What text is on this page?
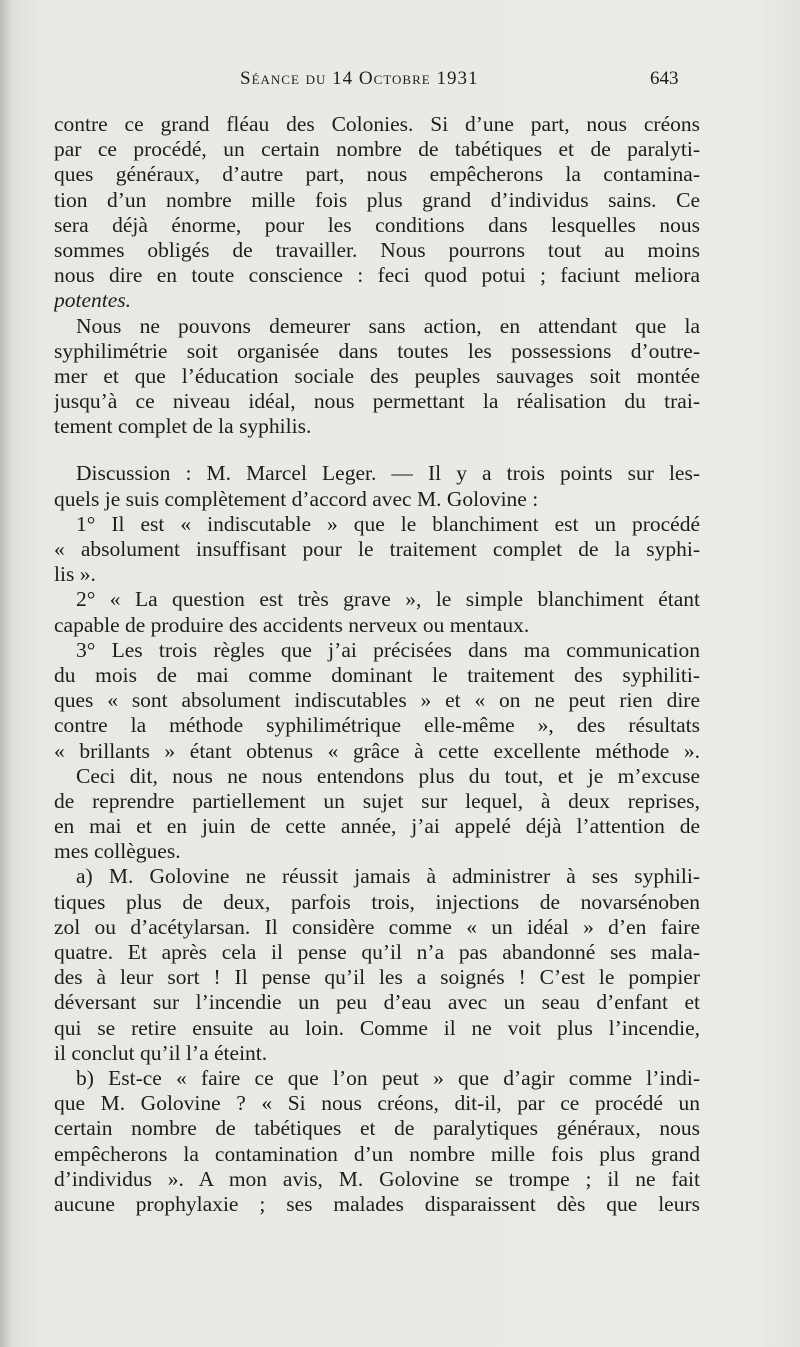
Séance du 14 Octobre 1931	643
contre ce grand fléau des Colonies. Si d’une part, nous créons
par ce procédé, un certain nombre de tabétiques et de paralyti-
ques généraux, d’autre part, nous empêcherons la contamina-
tion d’un nombre mille fois plus grand d’individus sains. Ce
sera déjà énorme, pour les conditions dans lesquelles nous
sommes obligés de travailler. Nous pourrons tout au moins
nous dire en toute conscience : feci quod potui ; faciunt meliora
potentes.
Nous ne pouvons demeurer sans action, en attendant que la
syphilimétrie soit organisée dans toutes les possessions d’outre-
mer et que l’éducation sociale des peuples sauvages soit montée
jusqu’à ce niveau idéal, nous permettant la réalisation du trai-
tement complet de la syphilis.
Discussion : M. Marcel Leger. — Il y a trois points sur les-
quels je suis complètement d’accord avec M. Golovine :
1° Il est « indiscutable » que le blanchiment est un procédé
« absolument insuffisant pour le traitement complet de la syphi-
lis ».
2° « La question est très grave », le simple blanchiment étant
capable de produire des accidents nerveux ou mentaux.
3° Les trois règles que j’ai précisées dans ma communication
du mois de mai comme dominant le traitement des syphiliti-
ques « sont absolument indiscutables » et « on ne peut rien dire
contre la méthode syphilimétrique elle-même », des résultats
« brillants » étant obtenus « grâce à cette excellente méthode ».
Ceci dit, nous ne nous entendons plus du tout, et je m’excuse
de reprendre partiellement un sujet sur lequel, à deux reprises,
en mai et en juin de cette année, j’ai appelé déjà l’attention de
mes collègues.
a) M. Golovine ne réussit jamais à administrer à ses syphili-
tiques plus de deux, parfois trois, injections de novarsénoben
zol ou d’acétylarsan. Il considère comme « un idéal » d’en faire
quatre. Et après cela il pense qu’il n’a pas abandonné ses mala-
des à leur sort ! Il pense qu’il les a soignés ! C’est le pompier
déversant sur l’incendie un peu d’eau avec un seau d’enfant et
qui se retire ensuite au loin. Comme il ne voit plus l’incendie,
il conclut qu’il l’a éteint.
b) Est-ce « faire ce que l’on peut » que d’agir comme l’indi-
que M. Golovine ? « Si nous créons, dit-il, par ce procédé un
certain nombre de tabétiques et de paralytiques généraux, nous
empêcherons la contamination d’un nombre mille fois plus grand
d’individus ». A mon avis, M. Golovine se trompe ; il ne fait
aucune prophylaxie ; ses malades disparaissent dès que leurs
